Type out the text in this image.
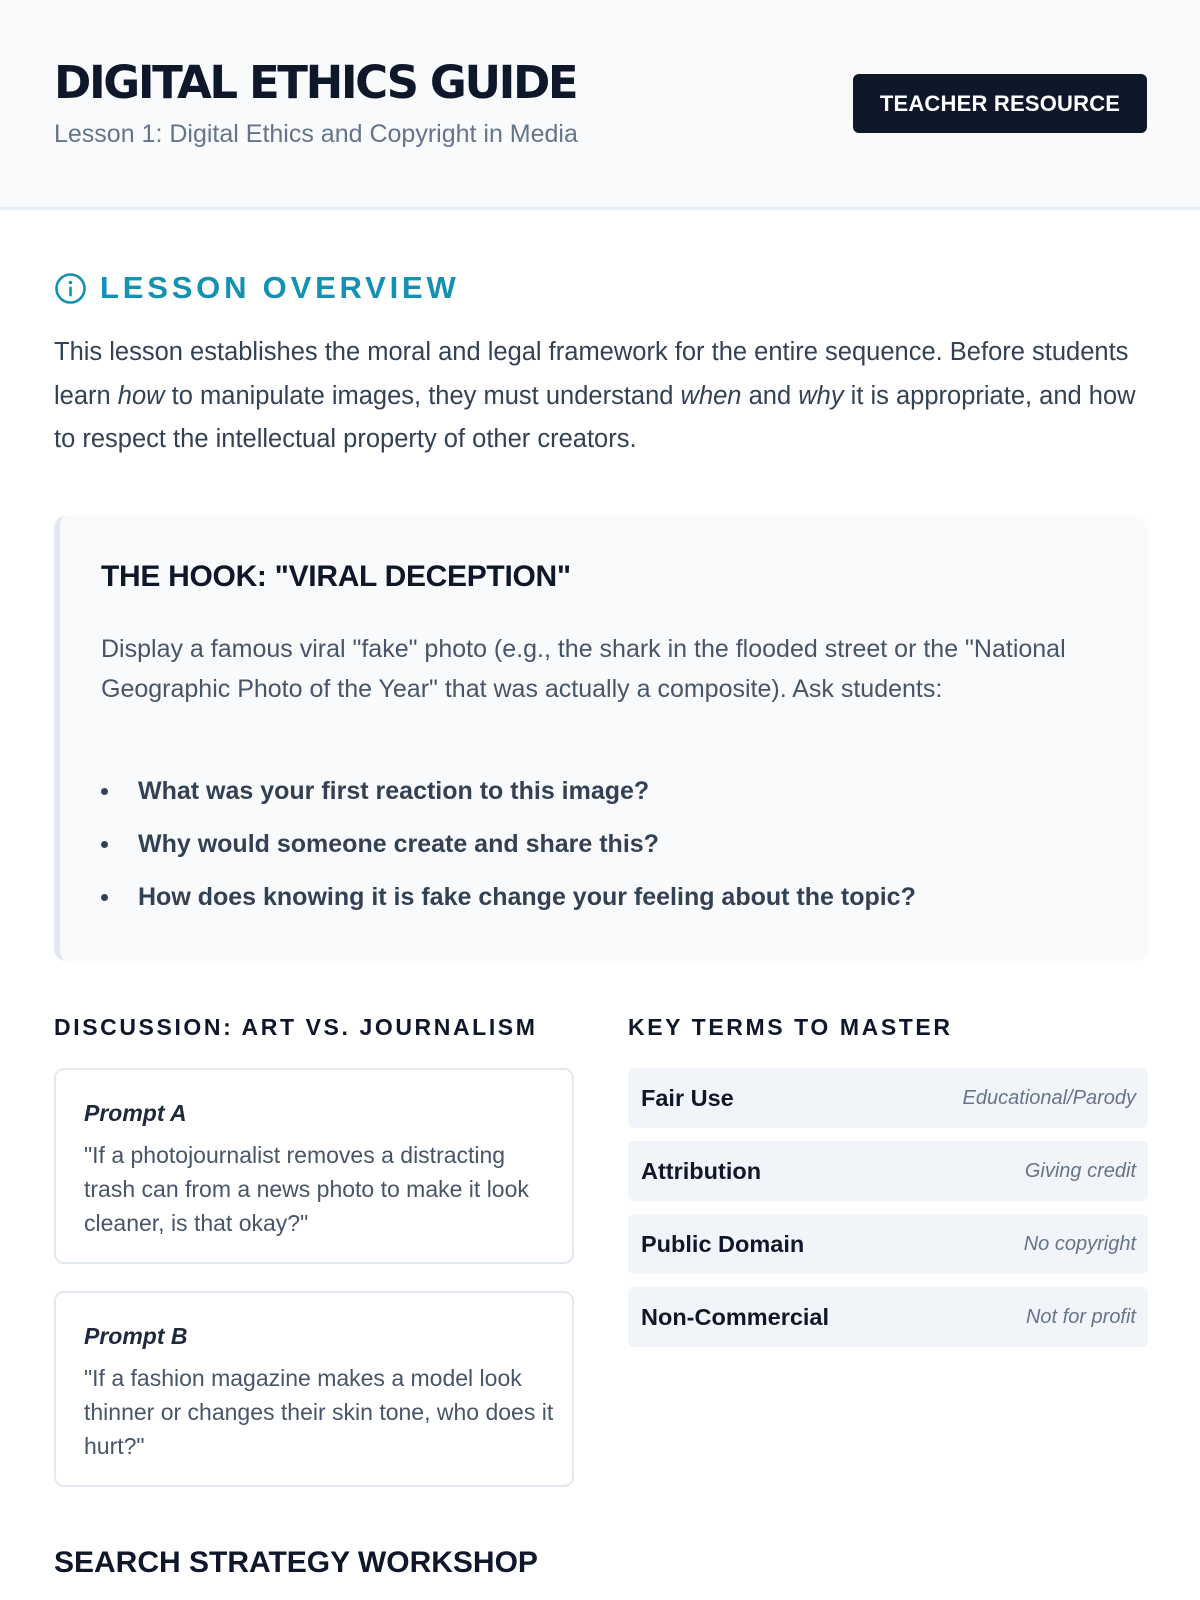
DIGITAL ETHICS GUIDE
Lesson 1: Digital Ethics and Copyright in Media
TEACHER RESOURCE
LESSON OVERVIEW

This lesson establishes the moral and legal framework for the entire sequence. Before students learn how to manipulate images, they must understand when and why it is appropriate, and how to respect the intellectual property of other creators.

THE HOOK: "VIRAL DECEPTION"

Display a famous viral "fake" photo (e.g., the shark in the flooded street or the "National Geographic Photo of the Year" that was actually a composite). Ask students:

What was your first reaction to this image?
Why would someone create and share this?
How does knowing it is fake change your feeling about the topic?
DISCUSSION: ART VS. JOURNALISM
Prompt A

"If a photojournalist removes a distracting trash can from a news photo to make it look cleaner, is that okay?"

Prompt B

"If a fashion magazine makes a model look thinner or changes their skin tone, who does it hurt?"

KEY TERMS TO MASTER
Fair Use	Educational/Parody
Attribution	Giving credit
Public Domain	No copyright
Non-Commercial	Not for profit
SEARCH STRATEGY WORKSHOP
